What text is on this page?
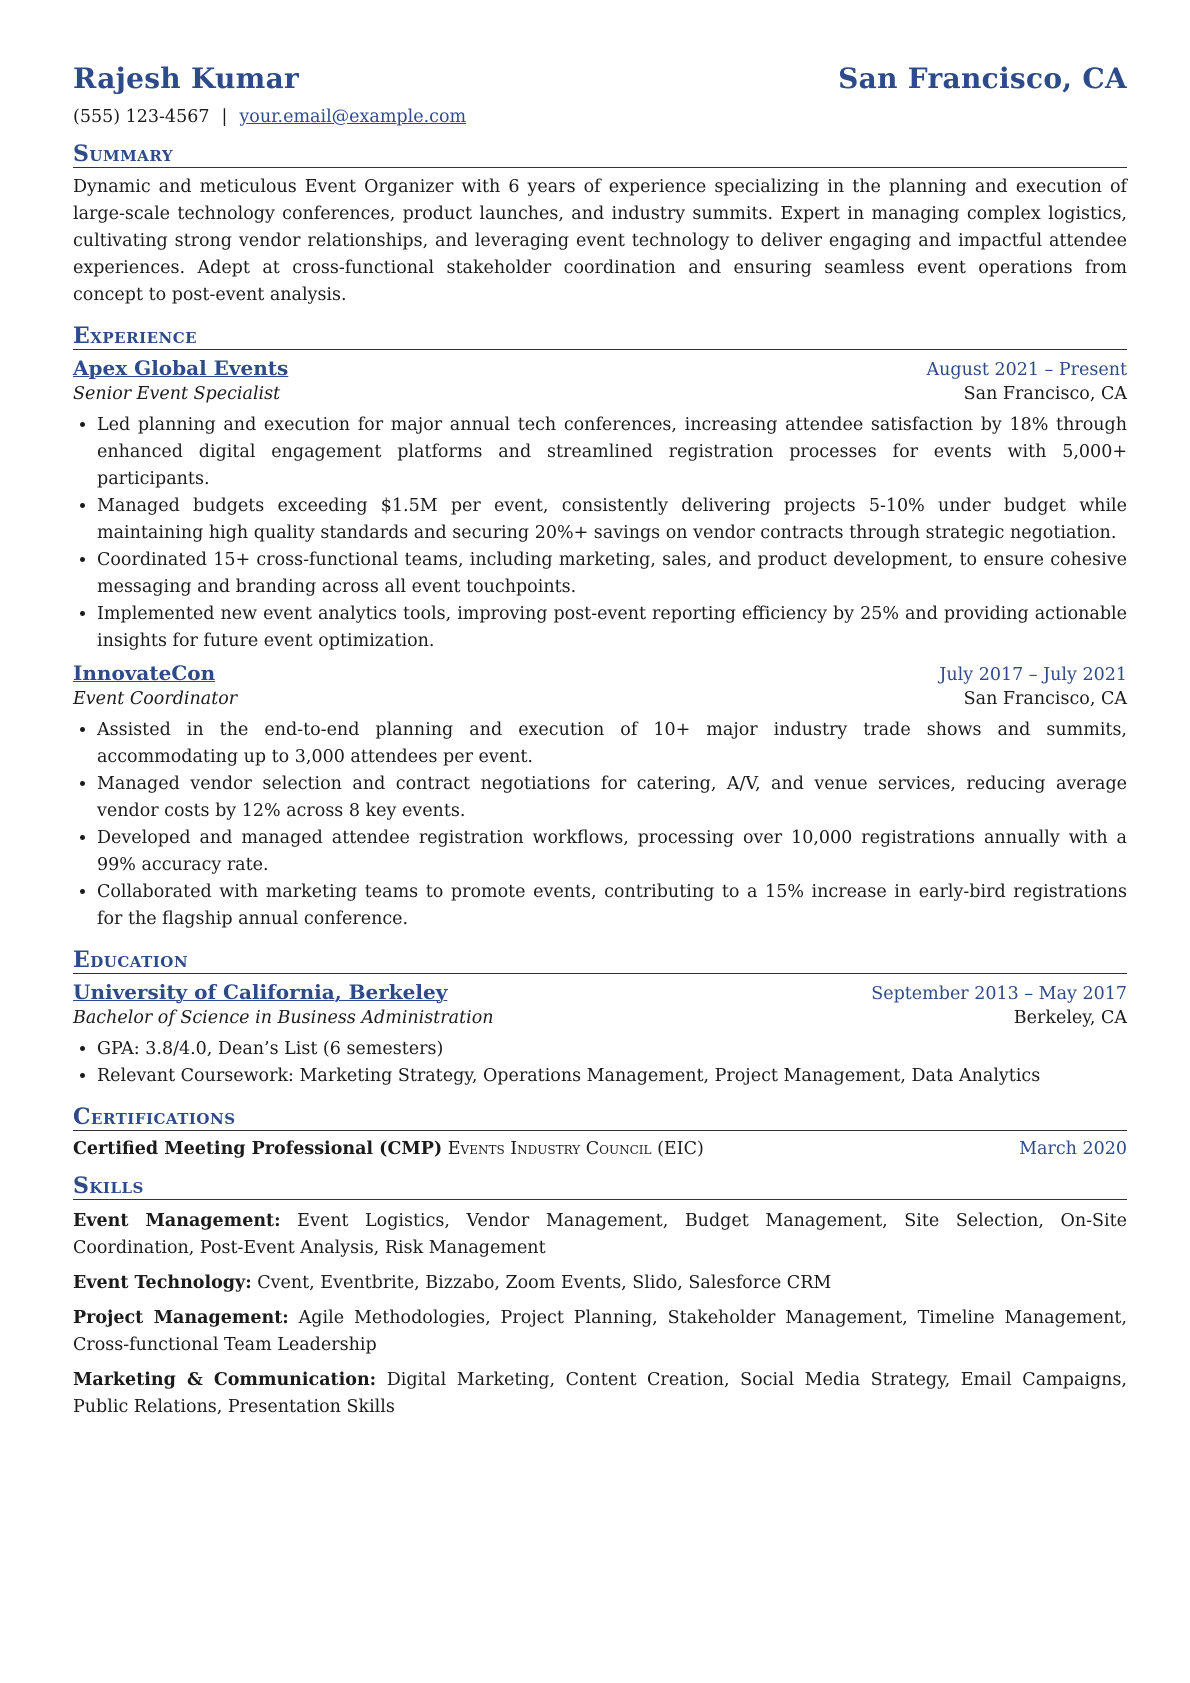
Rajesh Kumar	San Francisco, CA
(555) 123-4567 | your.email@example.com
Summary
Dynamic and meticulous Event Organizer with 6 years of experience specializing in the planning and execution of large-scale technology conferences, product launches, and industry summits. Expert in managing complex logistics, cultivating strong vendor relationships, and leveraging event technology to deliver engaging and impactful attendee experiences. Adept at cross-functional stakeholder coordination and ensuring seamless event operations from concept to post-event analysis.
Experience
Apex Global Events	August 2021 – Present
Senior Event Specialist	San Francisco, CA
• Led planning and execution for major annual tech conferences, increasing attendee satisfaction by 18% through enhanced digital engagement platforms and streamlined registration processes for events with 5,000+ participants.
• Managed budgets exceeding $1.5M per event, consistently delivering projects 5-10% under budget while maintaining high quality standards and securing 20%+ savings on vendor contracts through strategic negotiation.
• Coordinated 15+ cross-functional teams, including marketing, sales, and product development, to ensure cohesive messaging and branding across all event touchpoints.
• Implemented new event analytics tools, improving post-event reporting efficiency by 25% and providing actionable insights for future event optimization.
InnovateCon	July 2017 – July 2021
Event Coordinator	San Francisco, CA
• Assisted in the end-to-end planning and execution of 10+ major industry trade shows and summits, accommodating up to 3,000 attendees per event.
• Managed vendor selection and contract negotiations for catering, A/V, and venue services, reducing average vendor costs by 12% across 8 key events.
• Developed and managed attendee registration workflows, processing over 10,000 registrations annually with a 99% accuracy rate.
• Collaborated with marketing teams to promote events, contributing to a 15% increase in early-bird registrations for the flagship annual conference.
Education
University of California, Berkeley	September 2013 – May 2017
Bachelor of Science in Business Administration	Berkeley, CA
• GPA: 3.8/4.0, Dean’s List (6 semesters)
• Relevant Coursework: Marketing Strategy, Operations Management, Project Management, Data Analytics
Certifications
Certified Meeting Professional (CMP) Events Industry Council (EIC)	March 2020
Skills
Event Management: Event Logistics, Vendor Management, Budget Management, Site Selection, On-Site Coordination, Post-Event Analysis, Risk Management
Event Technology: Cvent, Eventbrite, Bizzabo, Zoom Events, Slido, Salesforce CRM
Project Management: Agile Methodologies, Project Planning, Stakeholder Management, Timeline Management, Cross-functional Team Leadership
Marketing & Communication: Digital Marketing, Content Creation, Social Media Strategy, Email Campaigns, Public Relations, Presentation Skills
